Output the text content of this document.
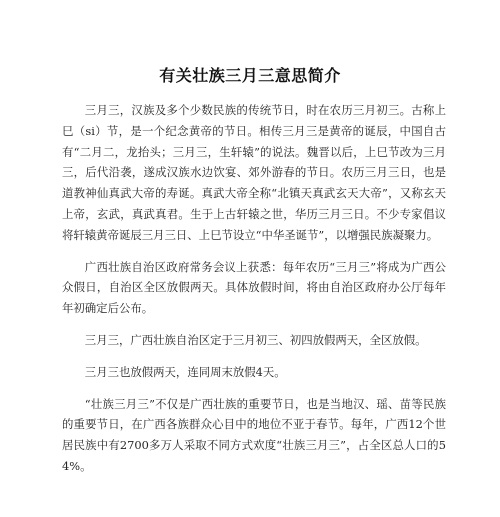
有关壮族三月三意思简介

三月三，汉族及多个少数民族的传统节日，时在农历三月初三。古称上巳（si）节，是一个纪念黄帝的节日。相传三月三是黄帝的诞辰，中国自古有“二月二，龙抬头；三月三，生轩辕”的说法。魏晋以后，上巳节改为三月三，后代沿袭，遂成汉族水边饮宴、郊外游春的节日。农历三月三日，也是道教神仙真武大帝的寿诞。真武大帝全称“北镇天真武玄天大帝”，又称玄天上帝，玄武，真武真君。生于上古轩辕之世，华历三月三日。不少专家倡议将轩辕黄帝诞辰三月三日、上巳节设立“中华圣诞节”，以增强民族凝聚力。

广西壮族自治区政府常务会议上获悉：每年农历“三月三”将成为广西公众假日，自治区全区放假两天。具体放假时间，将由自治区政府办公厅每年年初确定后公布。

三月三，广西壮族自治区定于三月初三、初四放假两天，全区放假。

三月三也放假两天，连同周末放假4天。

“壮族三月三”不仅是广西壮族的重要节日，也是当地汉、瑶、苗等民族的重要节日，在广西各族群众心目中的地位不亚于春节。每年，广西12个世居民族中有2700多万人采取不同方式欢度“壮族三月三”，占全区总人口的54%。
